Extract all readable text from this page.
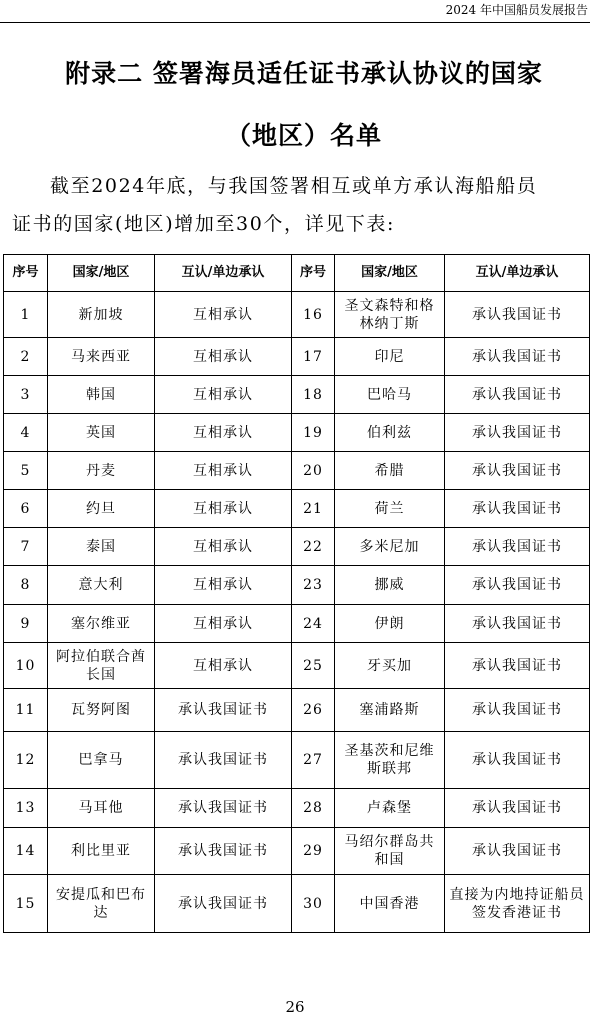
2024 年中国船员发展报告
附录二 签署海员适任证书承认协议的国家
（地区）名单
截至2024年底，与我国签署相互或单方承认海船船员
证书的国家(地区)增加至30个，详见下表:
序号	国家/地区	互认/单边承认	序号	国家/地区	互认/单边承认
1	新加坡	互相承认	16	圣文森特和格林纳丁斯	承认我国证书
2	马来西亚	互相承认	17	印尼	承认我国证书
3	韩国	互相承认	18	巴哈马	承认我国证书
4	英国	互相承认	19	伯利兹	承认我国证书
5	丹麦	互相承认	20	希腊	承认我国证书
6	约旦	互相承认	21	荷兰	承认我国证书
7	泰国	互相承认	22	多米尼加	承认我国证书
8	意大利	互相承认	23	挪威	承认我国证书
9	塞尔维亚	互相承认	24	伊朗	承认我国证书
10	阿拉伯联合酋长国	互相承认	25	牙买加	承认我国证书
11	瓦努阿图	承认我国证书	26	塞浦路斯	承认我国证书
12	巴拿马	承认我国证书	27	圣基茨和尼维斯联邦	承认我国证书
13	马耳他	承认我国证书	28	卢森堡	承认我国证书
14	利比里亚	承认我国证书	29	马绍尔群岛共和国	承认我国证书
15	安提瓜和巴布达	承认我国证书	30	中国香港	直接为内地持证船员签发香港证书
26
